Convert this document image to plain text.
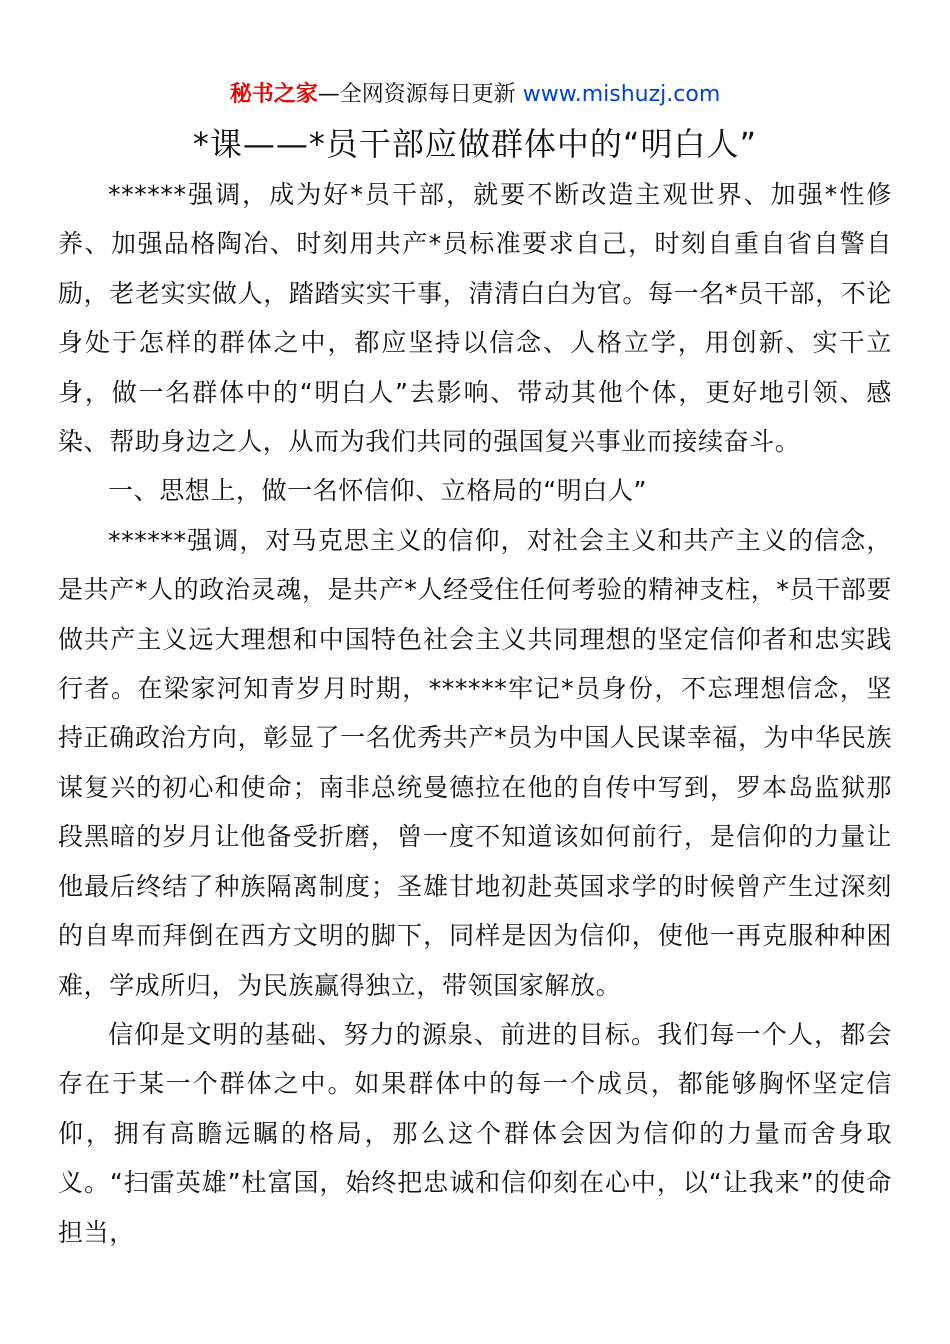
秘书之家—全网资源每日更新 www.mishuzj.com
*课——*员干部应做群体中的“明白人”

******强调，成为好*员干部，就要不断改造主观世界、加强*性修养、加强品格陶冶、时刻用共产*员标准要求自己，时刻自重自省自警自励，老老实实做人，踏踏实实干事，清清白白为官。每一名*员干部，不论身处于怎样的群体之中，都应坚持以信念、人格立学，用创新、实干立身，做一名群体中的“明白人”去影响、带动其他个体，更好地引领、感染、帮助身边之人，从而为我们共同的强国复兴事业而接续奋斗。

一、思想上，做一名怀信仰、立格局的“明白人”

******强调，对马克思主义的信仰，对社会主义和共产主义的信念，是共产*人的政治灵魂，是共产*人经受住任何考验的精神支柱，*员干部要做共产主义远大理想和中国特色社会主义共同理想的坚定信仰者和忠实践行者。在梁家河知青岁月时期，******牢记*员身份，不忘理想信念，坚持正确政治方向，彰显了一名优秀共产*员为中国人民谋幸福，为中华民族谋复兴的初心和使命；南非总统曼德拉在他的自传中写到，罗本岛监狱那段黑暗的岁月让他备受折磨，曾一度不知道该如何前行，是信仰的力量让他最后终结了种族隔离制度；圣雄甘地初赴英国求学的时候曾产生过深刻的自卑而拜倒在西方文明的脚下，同样是因为信仰，使他一再克服种种困难，学成所归，为民族赢得独立，带领国家解放。

信仰是文明的基础、努力的源泉、前进的目标。我们每一个人，都会存在于某一个群体之中。如果群体中的每一个成员，都能够胸怀坚定信仰，拥有高瞻远瞩的格局，那么这个群体会因为信仰的力量而舍身取义。“扫雷英雄”杜富国，始终把忠诚和信仰刻在心中，以“让我来”的使命担当，
